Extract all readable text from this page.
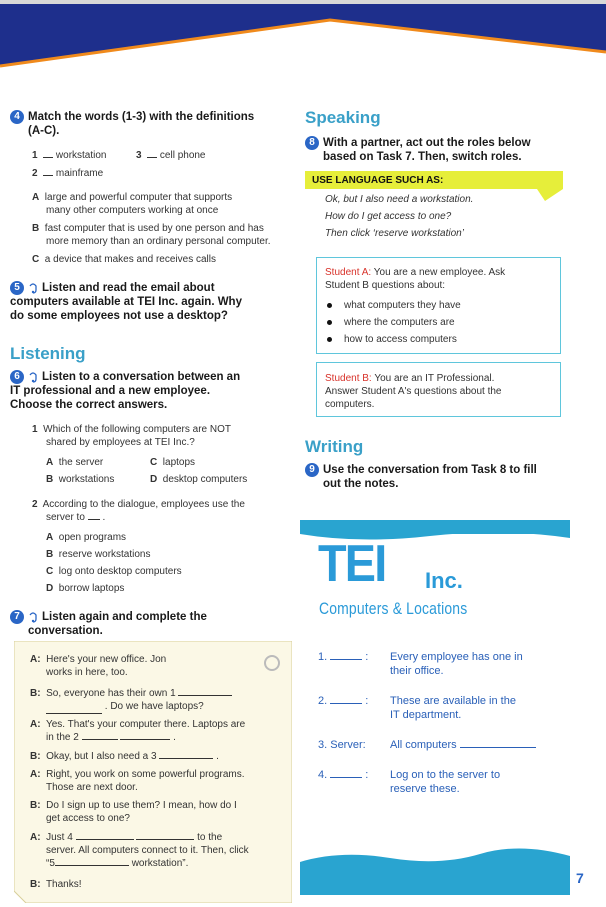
4 Match the words (1-3) with the definitions
(A-C).
1 workstation	3 cell phone
2 mainframe
A large and powerful computer that supports
many other computers working at once
B fast computer that is used by one person and has
more memory than an ordinary personal computer.
C a device that makes and receives calls
5 Listen and read the email about
computers available at TEI Inc. again. Why
do some employees not use a desktop?
Listening
6 Listen to a conversation between an
IT professional and a new employee.
Choose the correct answers.
1 Which of the following computers are NOT
shared by employees at TEI Inc.?
A the server	C laptops
B workstations	D desktop computers
2 According to the dialogue, employees use the
server to  .
A open programs
B reserve workstations
C log onto desktop computers
D borrow laptops
7 Listen again and complete the
conversation.
A: Here's your new office. Jon
works in here, too.
B: So, everyone has their own 1
. Do we have laptops?
A: Yes. That's your computer there. Laptops are
in the 2	.
B: Okay, but I also need a 3	.
A: Right, you work on some powerful programs.
Those are next door.
B: Do I sign up to use them? I mean, how do I
get access to one?
A: Just 4	to the
server. All computers connect to it. Then, click
“5	workstation”.
B: Thanks!
Speaking
8 With a partner, act out the roles below
based on Task 7. Then, switch roles.
USE LANGUAGE SUCH AS:
Ok, but I also need a workstation.
How do I get access to one?
Then click ‘reserve workstation’
Student A: You are a new employee. Ask
Student B questions about:
what computers they have
where the computers are
how to access computers
Student B: You are an IT Professional.
Answer Student A's questions about the
computers.
Writing
9 Use the conversation from Task 8 to fill
out the notes.
TEI Inc.
Computers & Locations
1.	: Every employee has one in
their office.
2.	: These are available in the
IT department.
3. Server: All computers
4.	: Log on to the server to
reserve these.
7
